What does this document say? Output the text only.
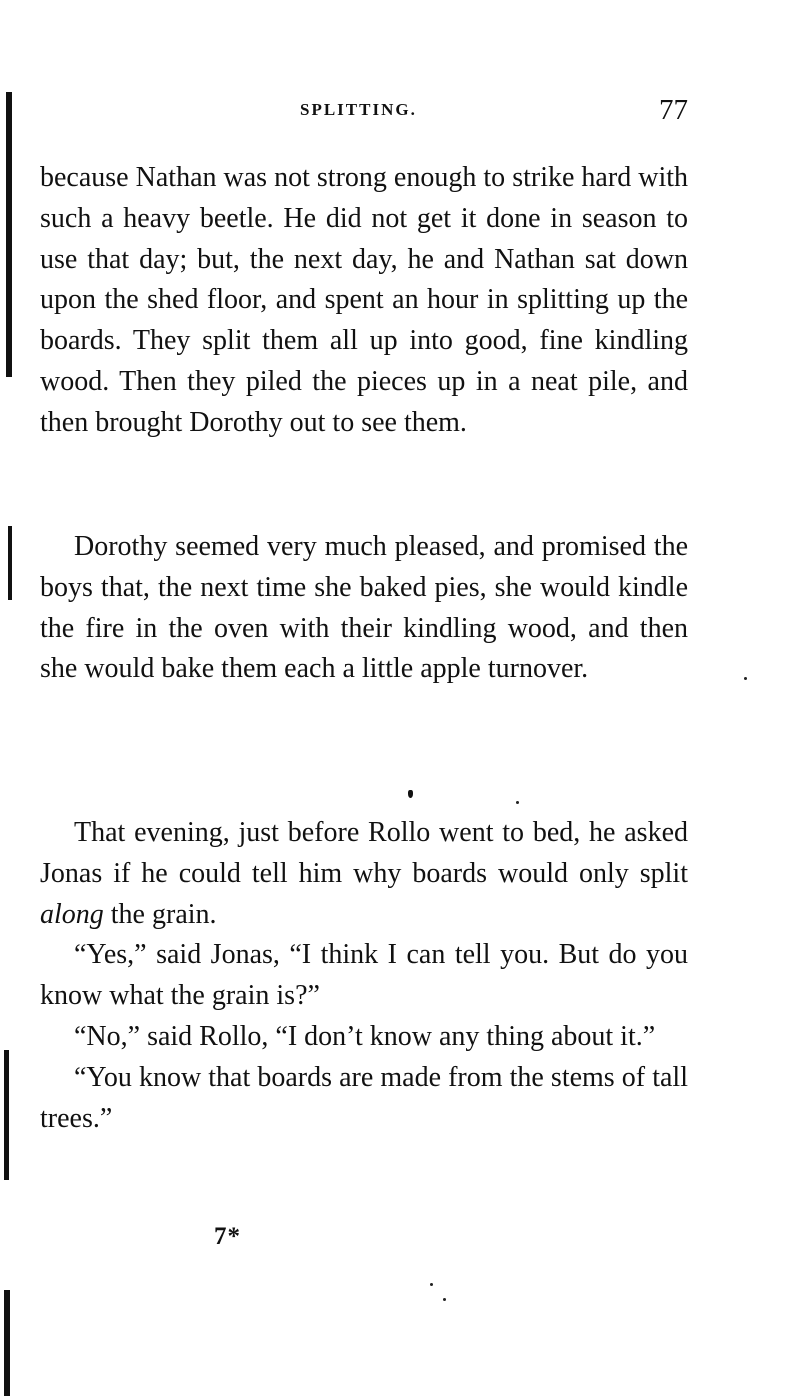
SPLITTING.	77

because Nathan was not strong enough to strike hard with such a heavy beetle. He did not get it done in season to use that day; but, the next day, he and Nathan sat down upon the shed floor, and spent an hour in splitting up the boards. They split them all up into good, fine kindling wood. Then they piled the pieces up in a neat pile, and then brought Dorothy out to see them.

Dorothy seemed very much pleased, and promised the boys that, the next time she baked pies, she would kindle the fire in the oven with their kindling wood, and then she would bake them each a little apple turnover.

That evening, just before Rollo went to bed, he asked Jonas if he could tell him why boards would only split along the grain.

“Yes,” said Jonas, “I think I can tell you. But do you know what the grain is?”

“No,” said Rollo, “I don’t know any thing about it.”

“You know that boards are made from the stems of tall trees.”

7*
